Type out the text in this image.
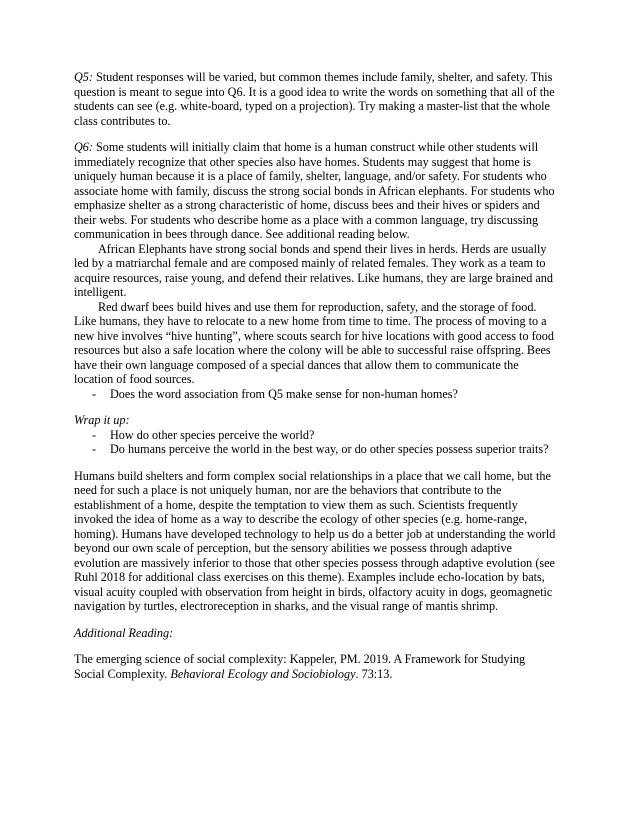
Q5: Student responses will be varied, but common themes include family, shelter, and safety. This question is meant to segue into Q6. It is a good idea to write the words on something that all of the students can see (e.g. white-board, typed on a projection). Try making a master-list that the whole class contributes to.

Q6: Some students will initially claim that home is a human construct while other students will immediately recognize that other species also have homes. Students may suggest that home is uniquely human because it is a place of family, shelter, language, and/or safety. For students who associate home with family, discuss the strong social bonds in African elephants. For students who emphasize shelter as a strong characteristic of home, discuss bees and their hives or spiders and their webs. For students who describe home as a place with a common language, try discussing communication in bees through dance. See additional reading below.

African Elephants have strong social bonds and spend their lives in herds. Herds are usually led by a matriarchal female and are composed mainly of related females. They work as a team to acquire resources, raise young, and defend their relatives. Like humans, they are large brained and intelligent.

Red dwarf bees build hives and use them for reproduction, safety, and the storage of food. Like humans, they have to relocate to a new home from time to time. The process of moving to a new hive involves “hive hunting”, where scouts search for hive locations with good access to food resources but also a safe location where the colony will be able to successful raise offspring. Bees have their own language composed of a special dances that allow them to communicate the location of food sources.

- Does the word association from Q5 make sense for non-human homes?

Wrap it up:

- How do other species perceive the world?
- Do humans perceive the world in the best way, or do other species possess superior traits?

Humans build shelters and form complex social relationships in a place that we call home, but the need for such a place is not uniquely human, nor are the behaviors that contribute to the establishment of a home, despite the temptation to view them as such. Scientists frequently invoked the idea of home as a way to describe the ecology of other species (e.g. home-range, homing). Humans have developed technology to help us do a better job at understanding the world beyond our own scale of perception, but the sensory abilities we possess through adaptive evolution are massively inferior to those that other species possess through adaptive evolution (see Ruhl 2018 for additional class exercises on this theme). Examples include echo-location by bats, visual acuity coupled with observation from height in birds, olfactory acuity in dogs, geomagnetic navigation by turtles, electroreception in sharks, and the visual range of mantis shrimp.

Additional Reading:

The emerging science of social complexity: Kappeler, PM. 2019. A Framework for Studying Social Complexity. Behavioral Ecology and Sociobiology. 73:13.
